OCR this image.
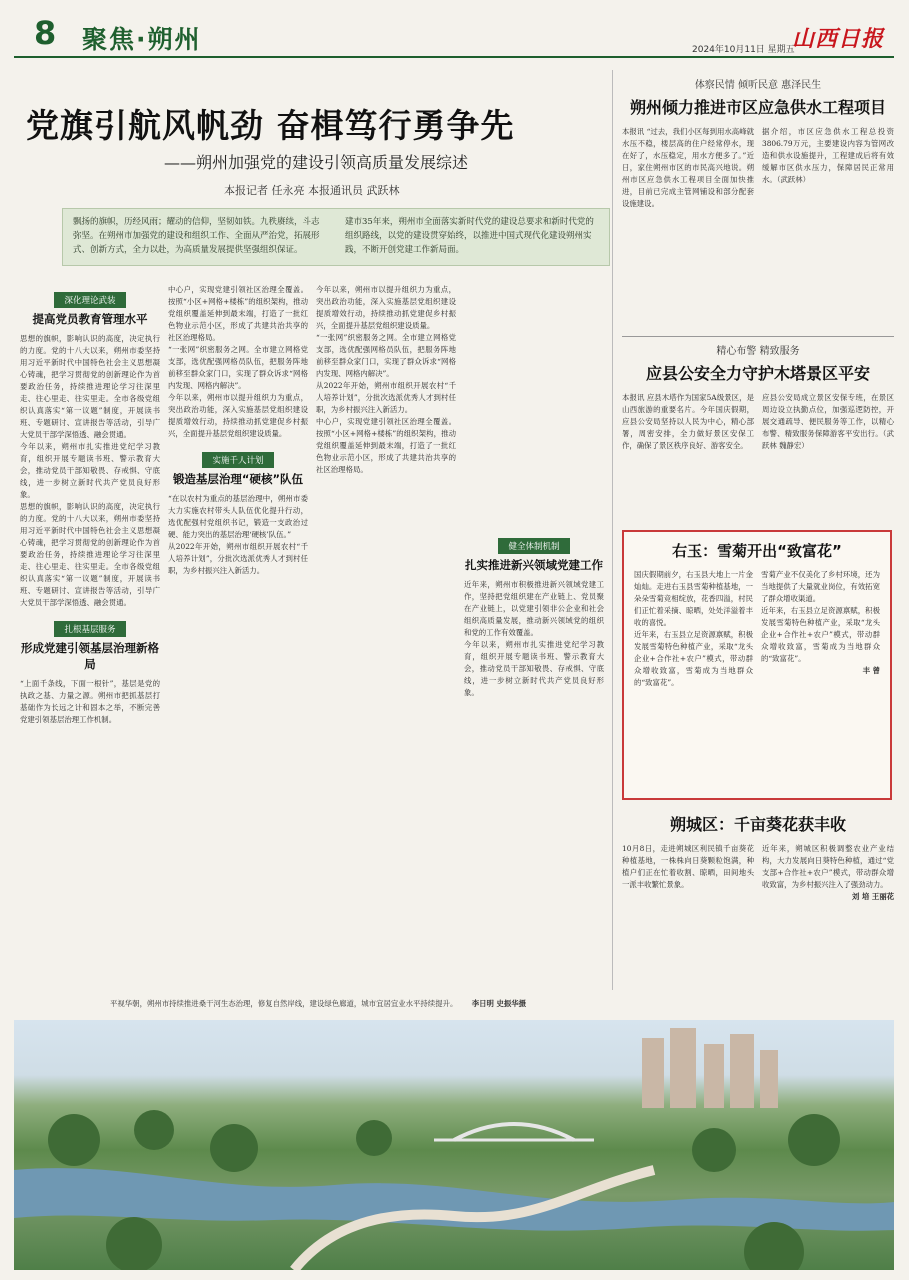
8 聚焦·朔州	2024年10月11日 星期五
山西日报
党旗引航风帆劲 奋楫笃行勇争先
——朔州加强党的建设引领高质量发展综述
本报记者 任永亮 本报通讯员 武跃林
飘扬的旗帜，历经风雨；耀动的信仰，坚韧如铁。九秩赓续，斗志弥坚。在朔州市加强党的建设和组织工作、全面从严治党，拓展形式、创新方式，全力以赴，为高质量发展提供坚强组织保证。
建市35年来，朔州市全面落实新时代党的建设总要求和新时代党的组织路线，以党的建设贯穿始终，以推进中国式现代化建设朔州实践，不断开创党建工作新局面。
深化理论武装
提高党员教育管理水平

思想的旗帜，影响认识的高度，决定执行的力度。党的十八大以来，朔州市委坚持用习近平新时代中国特色社会主义思想凝心铸魂，把学习贯彻党的创新理论作为首要政治任务，持续推进理论学习往深里走、往心里走、往实里走。全市各级党组织认真落实“第一议题”制度，开展读书班、专题研讨、宣讲报告等活动，引导广大党员干部学深悟透、融会贯通。

今年以来，朔州市扎实推进党纪学习教育，组织开展专题读书班、警示教育大会，推动党员干部知敬畏、存戒惧、守底线，进一步树立新时代共产党员良好形象。

思想的旗帜，影响认识的高度，决定执行的力度。党的十八大以来，朔州市委坚持用习近平新时代中国特色社会主义思想凝心铸魂，把学习贯彻党的创新理论作为首要政治任务，持续推进理论学习往深里走、往心里走、往实里走。全市各级党组织认真落实“第一议题”制度，开展读书班、专题研讨、宣讲报告等活动，引导广大党员干部学深悟透、融会贯通。

扎根基层服务
形成党建引领基层治理新格局

“上面千条线，下面一根针”，基层是党的执政之基、力量之源。朔州市把抓基层打基础作为长远之计和固本之举，不断完善党建引领基层治理工作机制。

中心户，实现党建引领社区治理全覆盖。按照“小区+网格+楼栋”的组织架构，推动党组织覆盖延伸到最末端，打造了一批红色物业示范小区，形成了共建共治共享的社区治理格局。

“一张网”织密服务之网。全市建立网格党支部，选优配强网格员队伍，把服务阵地前移至群众家门口，实现了群众诉求“网格内发现、网格内解决”。

今年以来，朔州市以提升组织力为重点，突出政治功能，深入实施基层党组织建设提质增效行动，持续推动抓党建促乡村振兴，全面提升基层党组织建设质量。

实施千人计划
锻造基层治理“硬核”队伍

“在以农村为重点的基层治理中，朔州市委大力实施农村带头人队伍优化提升行动，选优配强村党组织书记，锻造一支政治过硬、能力突出的基层治理‘硬核’队伍。”

从2022年开始，朔州市组织开展农村“千人培养计划”，分批次选派优秀人才到村任职，为乡村振兴注入新活力。

今年以来，朔州市以提升组织力为重点，突出政治功能，深入实施基层党组织建设提质增效行动，持续推动抓党建促乡村振兴，全面提升基层党组织建设质量。

“一张网”织密服务之网。全市建立网格党支部，选优配强网格员队伍，把服务阵地前移至群众家门口，实现了群众诉求“网格内发现、网格内解决”。

从2022年开始，朔州市组织开展农村“千人培养计划”，分批次选派优秀人才到村任职，为乡村振兴注入新活力。

中心户，实现党建引领社区治理全覆盖。按照“小区+网格+楼栋”的组织架构，推动党组织覆盖延伸到最末端，打造了一批红色物业示范小区，形成了共建共治共享的社区治理格局。

健全体制机制
扎实推进新兴领域党建工作

近年来，朔州市积极推进新兴领域党建工作，坚持把党组织建在产业链上、党员聚在产业链上，以党建引领非公企业和社会组织高质量发展，推动新兴领域党的组织和党的工作有效覆盖。

今年以来，朔州市扎实推进党纪学习教育，组织开展专题读书班、警示教育大会，推动党员干部知敬畏、存戒惧、守底线，进一步树立新时代共产党员良好形象。

体察民情 倾听民意 惠泽民生
朔州倾力推进市区应急供水工程项目

本报讯 “过去，我们小区每到用水高峰就水压不稳，楼层高的住户经常停水，现在好了，水压稳定，用水方便多了。”近日，家住朔州市区的市民高兴地说。朔州市区应急供水工程项目全面加快推进，目前已完成主管网铺设和部分配套设施建设。

据介绍，市区应急供水工程总投资3806.79万元，主要建设内容为管网改造和供水设施提升，工程建成后将有效缓解市区供水压力，保障居民正常用水。（武跃林）

精心布警 精致服务
应县公安全力守护木塔景区平安

本报讯 应县木塔作为国家5A级景区，是山西旅游的重要名片。今年国庆假期，应县公安局坚持以人民为中心，精心部署，周密安排，全力做好景区安保工作，确保了景区秩序良好、游客安全。

应县公安局成立景区安保专班，在景区周边设立执勤点位，加强巡逻防控，开展交通疏导、便民服务等工作，以精心布警、精致服务保障游客平安出行。（武跃林 魏静宏）

右玉：雪菊开出“致富花”

国庆假期前夕，右玉县大地上一片金灿灿。走进右玉县雪菊种植基地，一朵朵雪菊竞相绽放，花香四溢，村民们正忙着采摘、晾晒，处处洋溢着丰收的喜悦。

近年来，右玉县立足资源禀赋，积极发展雪菊特色种植产业，采取“龙头企业+合作社+农户”模式，带动群众增收致富，雪菊成为当地群众的“致富花”。

雪菊产业不仅美化了乡村环境，还为当地提供了大量就业岗位，有效拓宽了群众增收渠道。

近年来，右玉县立足资源禀赋，积极发展雪菊特色种植产业，采取“龙头企业+合作社+农户”模式，带动群众增收致富，雪菊成为当地群众的“致富花”。

丰 曾

朔城区：千亩葵花获丰收

10月8日，走进朔城区利民镇千亩葵花种植基地，一株株向日葵颗粒饱满，种植户们正在忙着收割、晾晒，田间地头一派丰收繁忙景象。

近年来，朔城区积极调整农业产业结构，大力发展向日葵特色种植，通过“党支部+合作社+农户”模式，带动群众增收致富，为乡村振兴注入了强劲动力。

刘 培 王丽花

平视华朝，朔州市持续推进桑干河生态治理，修复自然岸线，建设绿色廊道，城市宜居宜业水平持续提升。 李日明 史振华摄
